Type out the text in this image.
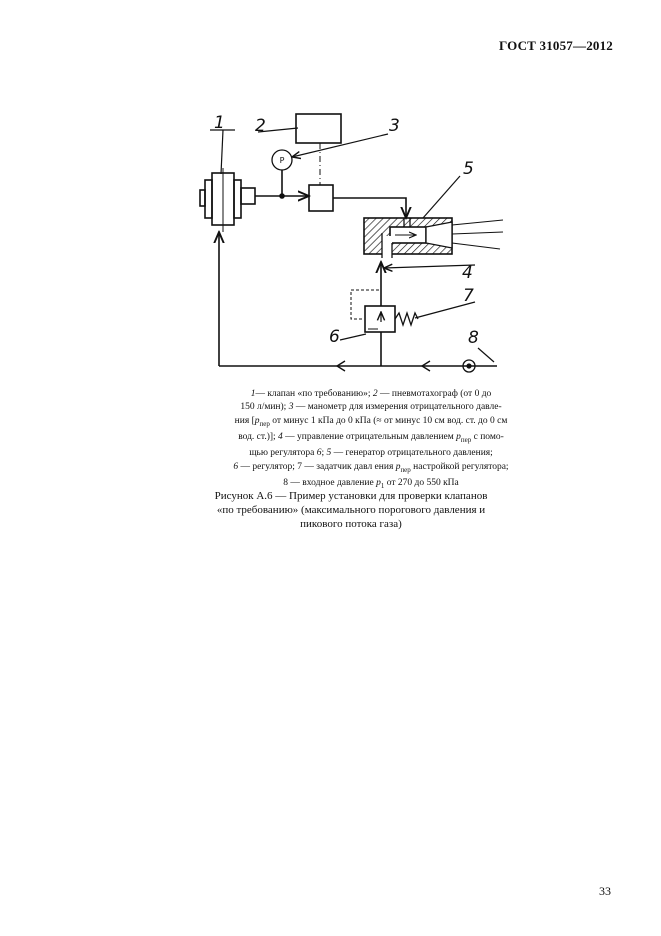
ГОСТ 31057—2012
P
1 2	3
4
5
6
7
8
1— клапан «по требованию»; 2 — пневмотахограф (от 0 до
150 л/мин); 3 — манометр для измерения отрицательного давле-
ния [$p_{пер}$ от минус 1 кПа до 0 кПа (≈ от минус 10 см вод. ст. до 0 см
вод. ст.)]; 4 — управление отрицательным давлением $p_{пер}$ с помо-
щью регулятора 6; 5 — генератор отрицательного давления;
6 — регулятор; 7 — задатчик давл ения $p_{пер}$ настройкой регулятора;
8 — входное давление $p_1$ от 270 до 550 кПа
Рисунок А.6 — Пример установки для проверки клапанов
«по требованию» (максимального порогового давления и
пикового потока газа)
33
